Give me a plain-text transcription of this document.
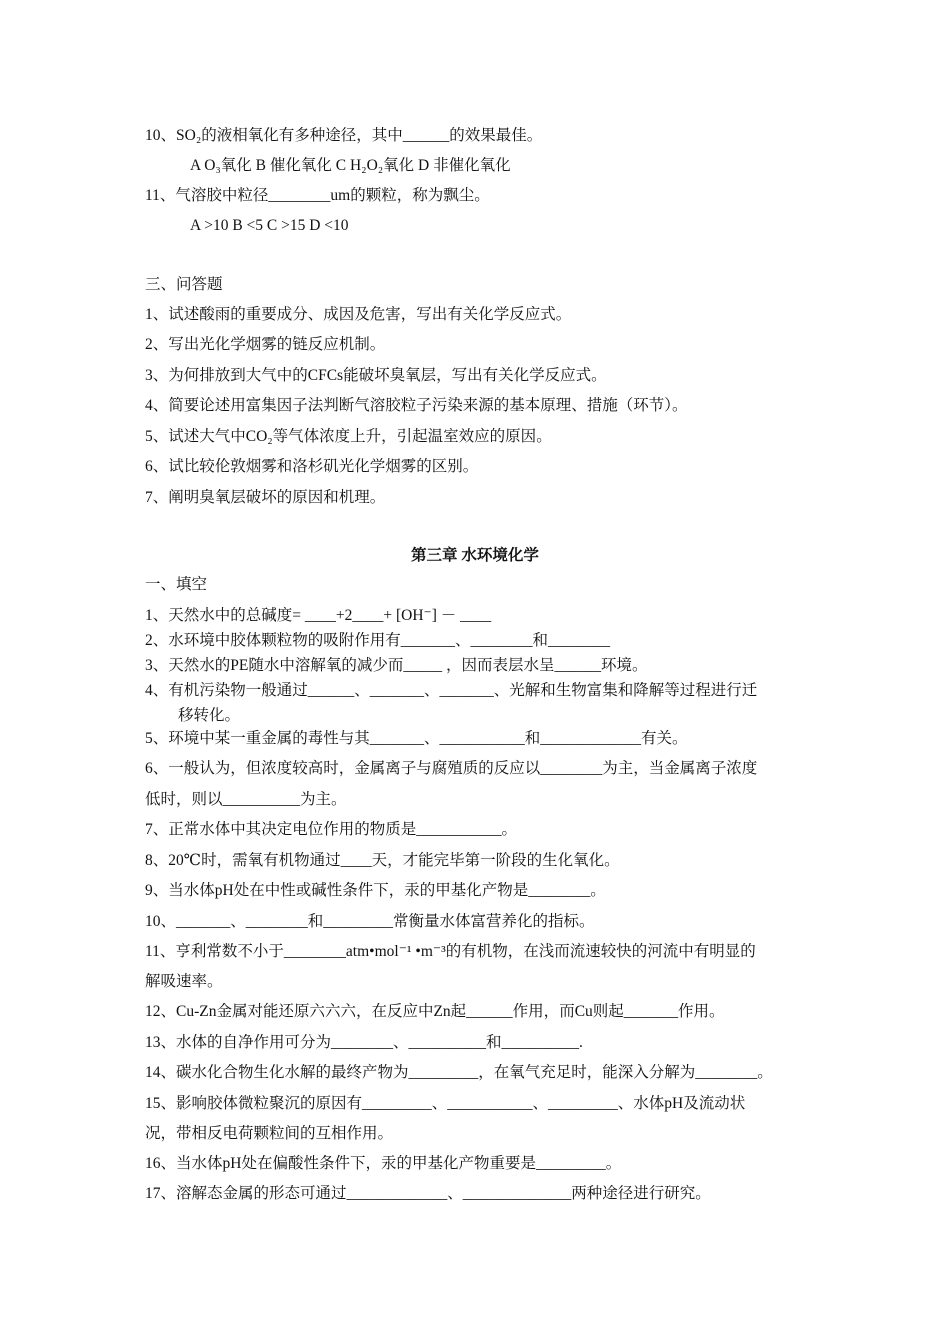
10、SO₂的液相氧化有多种途径，其中______的效果最佳。
A O₃氧化 B 催化氧化 C H₂O₂氧化 D 非催化氧化
11、气溶胶中粒径________um的颗粒，称为飘尘。
A >10 B <5 C >15 D <10
三、问答题
1、试述酸雨的重要成分、成因及危害，写出有关化学反应式。
2、写出光化学烟雾的链反应机制。
3、为何排放到大气中的CFCs能破坏臭氧层，写出有关化学反应式。
4、简要论述用富集因子法判断气溶胶粒子污染来源的基本原理、措施（环节）。
5、试述大气中CO₂等气体浓度上升，引起温室效应的原因。
6、试比较伦敦烟雾和洛杉矶光化学烟雾的区别。
7、阐明臭氧层破坏的原因和机理。
第三章 水环境化学
一、填空
1、天然水中的总碱度= ____+2____+ [OH⁻] － ____
2、水环境中胶体颗粒物的吸附作用有_______、________和________
3、天然水的PE随水中溶解氧的减少而_____ ，因而表层水呈______环境。
4、有机污染物一般通过______、_______、_______、光解和生物富集和降解等过程进行迁
移转化。
5、环境中某一重金属的毒性与其_______、___________和_____________有关。
6、一般认为，但浓度较高时，金属离子与腐殖质的反应以________为主，当金属离子浓度
低时，则以__________为主。
7、正常水体中其决定电位作用的物质是___________。
8、20℃时，需氧有机物通过____天，才能完毕第一阶段的生化氧化。
9、当水体pH处在中性或碱性条件下，汞的甲基化产物是________。
10、_______、________和_________常衡量水体富营养化的指标。
11、亨利常数不小于________atm•mol⁻¹ •m⁻³的有机物，在浅而流速较快的河流中有明显的
解吸速率。
12、Cu-Zn金属对能还原六六六，在反应中Zn起______作用，而Cu则起_______作用。
13、水体的自净作用可分为________、__________和__________.
14、碳水化合物生化水解的最终产物为_________，在氧气充足时，能深入分解为________。
15、影响胶体微粒聚沉的原因有_________、___________、_________、水体pH及流动状
况，带相反电荷颗粒间的互相作用。
16、当水体pH处在偏酸性条件下，汞的甲基化产物重要是_________。
17、溶解态金属的形态可通过_____________、______________两种途径进行研究。
